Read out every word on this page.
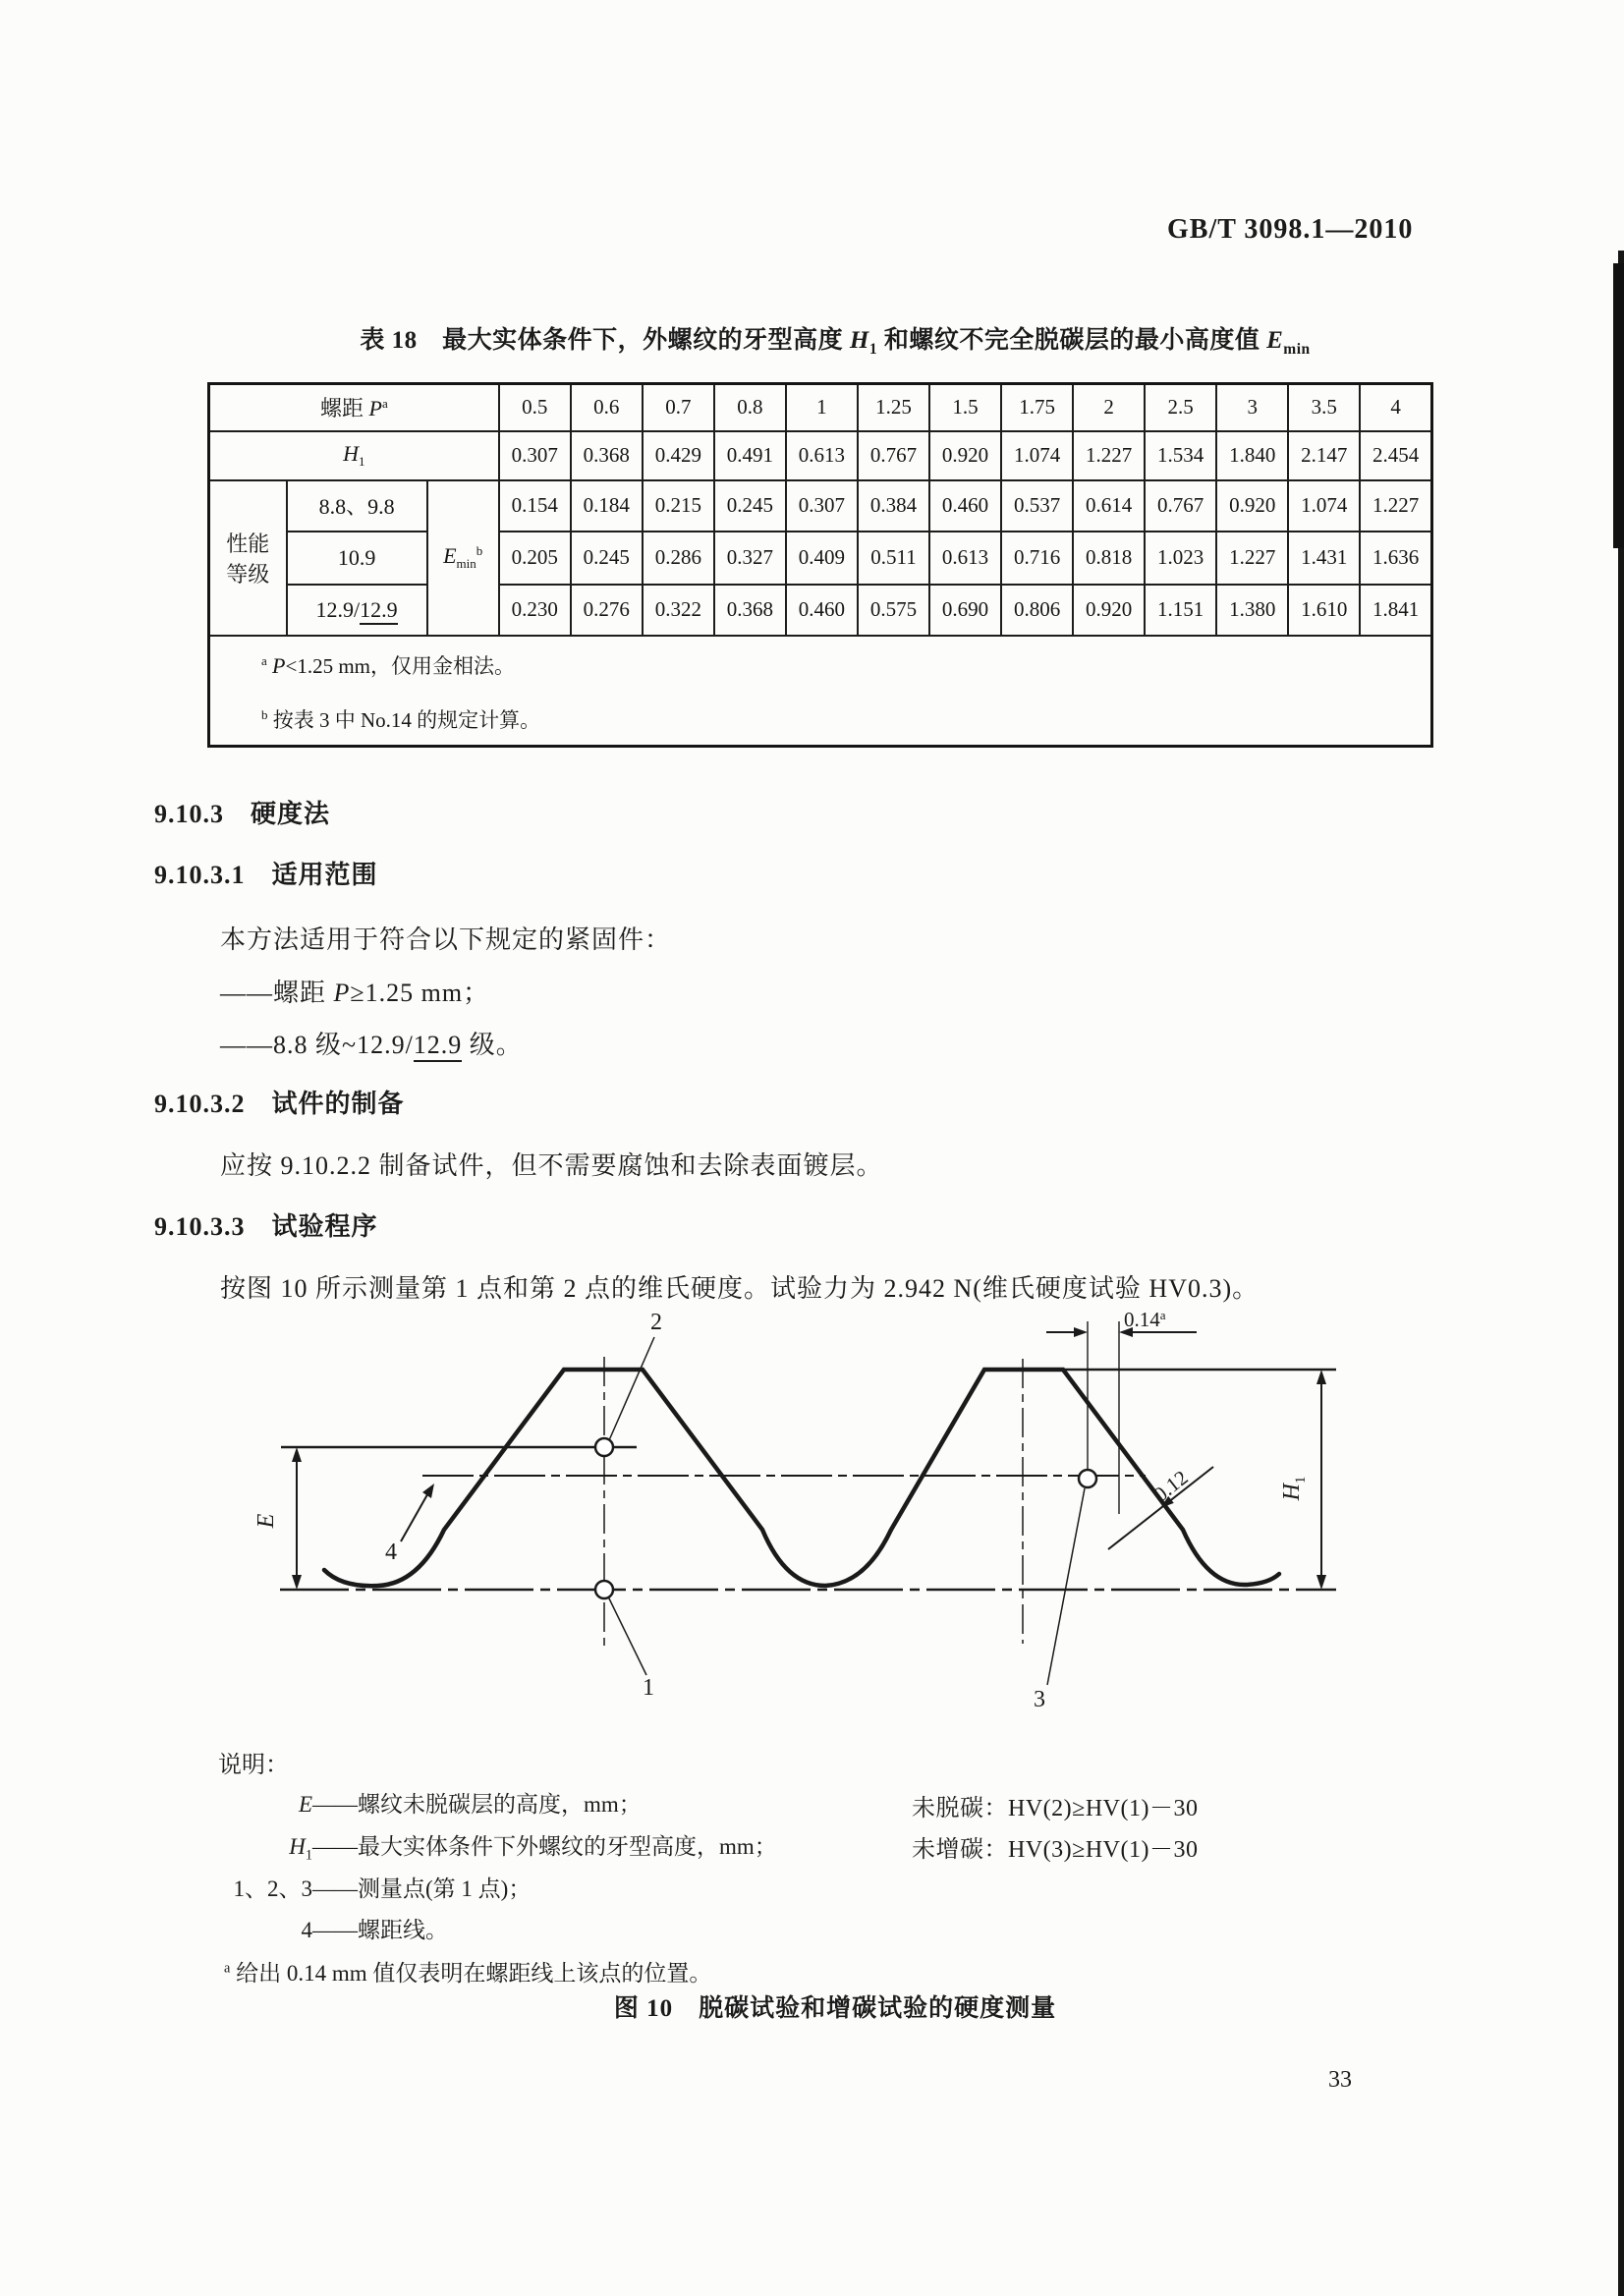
GB/T 3098.1—2010
表 18　最大实体条件下，外螺纹的牙型高度 $H_1$ 和螺纹不完全脱碳层的最小高度值 $E_{min}$
螺距 $P^a$			0.5	0.6	0.7	0.8	1	1.25	1.5	1.75	2	2.5	3	3.5	4
$H_1$			0.307	0.368	0.429	0.491	0.613	0.767	0.920	1.074	1.227	1.534	1.840	2.147	2.454
性能
等级	8.8、9.8	$E_{min}^b$	0.154	0.184	0.215	0.245	0.307	0.384	0.460	0.537	0.614	0.767	0.920	1.074	1.227
	10.9		0.205	0.245	0.286	0.327	0.409	0.511	0.613	0.716	0.818	1.023	1.227	1.431	1.636
	12.9/12.9		0.230	0.276	0.322	0.368	0.460	0.575	0.690	0.806	0.920	1.151	1.380	1.610	1.841

$^a$ P<1.25 mm，仅用金相法。
$^b$ 按表 3 中 No.14 的规定计算。															
9.10.3　 硬度法
9.10.3.1　 适用范围
本方法适用于符合以下规定的紧固件：
——螺距 P≥1.25 mm；
——8.8 级~12.9/12.9 级。
9.10.3.2　 试件的制备
应按 9.10.2.2 制备试件，但不需要腐蚀和去除表面镀层。
9.10.3.3　 试验程序
按图 10 所示测量第 1 点和第 2 点的维氏硬度。试验力为 2.942 N(维氏硬度试验 HV0.3)。
E
$H_1$
0.14$^a$
0.12
2
1	3
4
说明：
E——螺纹未脱碳层的高度，mm；
$H_1——$最大实体条件下外螺纹的牙型高度，mm；
1、2、3——测量点(第 1 点)；
4——螺距线。
$^a$ 给出 0.14 mm 值仅表明在螺距线上该点的位置。
未脱碳：HV(2)≥HV(1)－30
未增碳：HV(3)≥HV(1)－30
图 10　脱碳试验和增碳试验的硬度测量
33
